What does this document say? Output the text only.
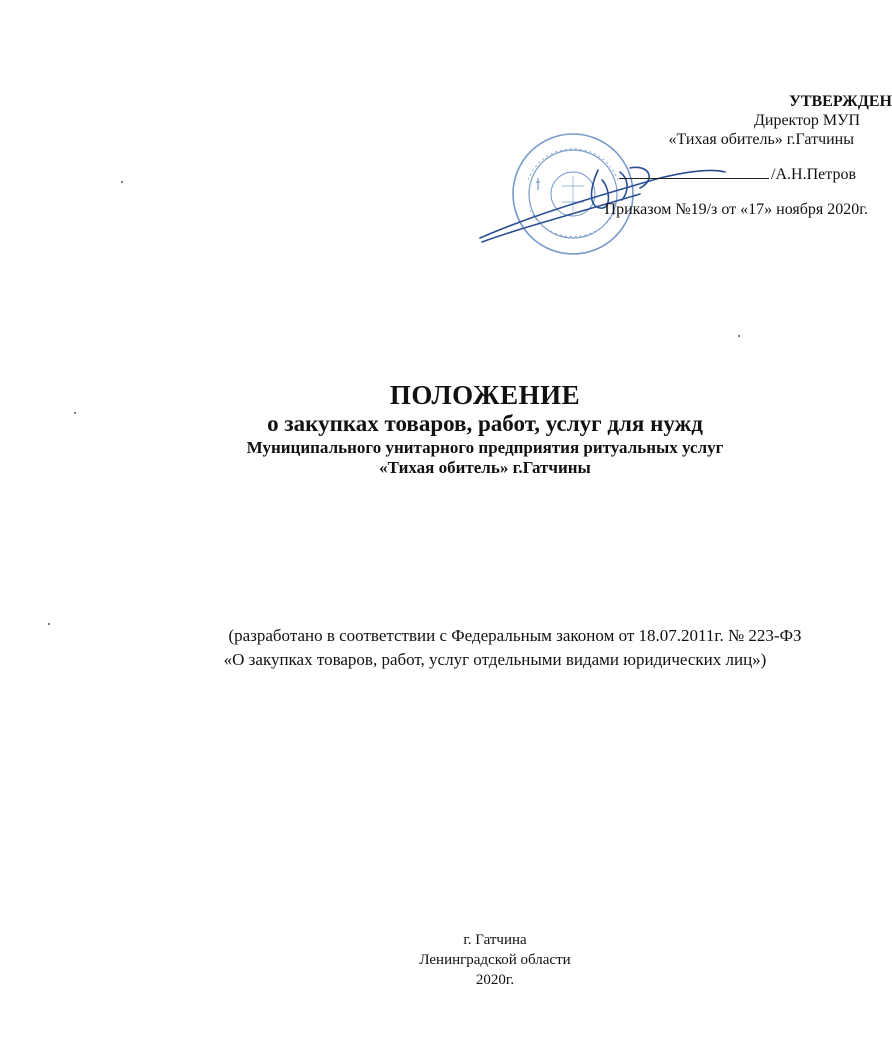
УТВЕРЖДЕН
Директор МУП
«Тихая обитель» г.Гатчины
/А.Н.Петров
Приказом №19/з от «17» ноября 2020г.
ПОЛОЖЕНИЕ
о закупках товаров, работ, услуг для нужд
Муниципального унитарного предприятия ритуальных услуг
«Тихая обитель» г.Гатчины
(разработано в соответствии с Федеральным законом от 18.07.2011г. № 223-ФЗ
«О закупках товаров, работ, услуг отдельными видами юридических лиц»)
г. Гатчина
Ленинградской области
2020г.
